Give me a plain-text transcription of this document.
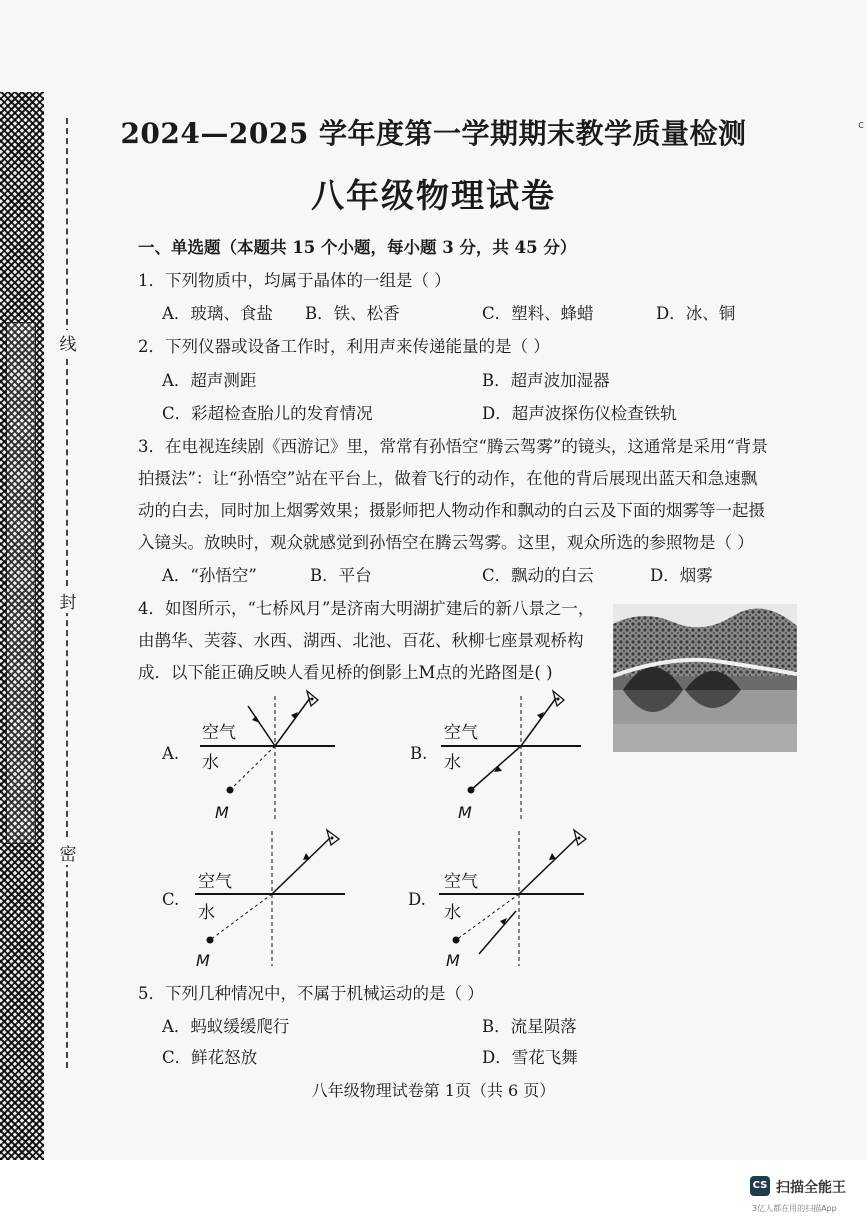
线
封
密
c
2024—2025 学年度第一学期期末教学质量检测
八年级物理试卷
一、单选题（本题共 15 个小题，每小题 3 分，共 45 分）
1．下列物质中，均属于晶体的一组是（ ）
A．玻璃、食盐 B．铁、松香	C．塑料、蜂蜡	D．冰、铜
2．下列仪器或设备工作时，利用声来传递能量的是（ ）
A．超声测距	B．超声波加湿器
C．彩超检查胎儿的发育情况	D．超声波探伤仪检查铁轨
3．在电视连续剧《西游记》里，常常有孙悟空“腾云驾雾”的镜头，这通常是采用“背景
拍摄法”：让“孙悟空”站在平台上，做着飞行的动作，在他的背后展现出蓝天和急速飘
动的白去，同时加上烟雾效果；摄影师把人物动作和飘动的白云及下面的烟雾等一起摄
入镜头。放映时，观众就感觉到孙悟空在腾云驾雾。这里，观众所选的参照物是（ ）
A．“孙悟空”	B．平台	C．飘动的白云	D．烟雾
4．如图所示，“七桥风月”是济南大明湖扩建后的新八景之一，
由鹊华、芙蓉、水西、湖西、北池、百花、秋柳七座景观桥构
成．以下能正确反映人看见桥的倒影上M点的光路图是( )
A.
空气
水
M
B.
空气
水
M
C.
空气
水
M
D.
空气
水
M
5．下列几种情况中，不属于机械运动的是（ ）
A．蚂蚁缓缓爬行	B．流星陨落
C．鲜花怒放	D．雪花飞舞
八年级物理试卷第 1页（共 6 页）
CS 扫描全能王
3亿人都在用的扫描App
